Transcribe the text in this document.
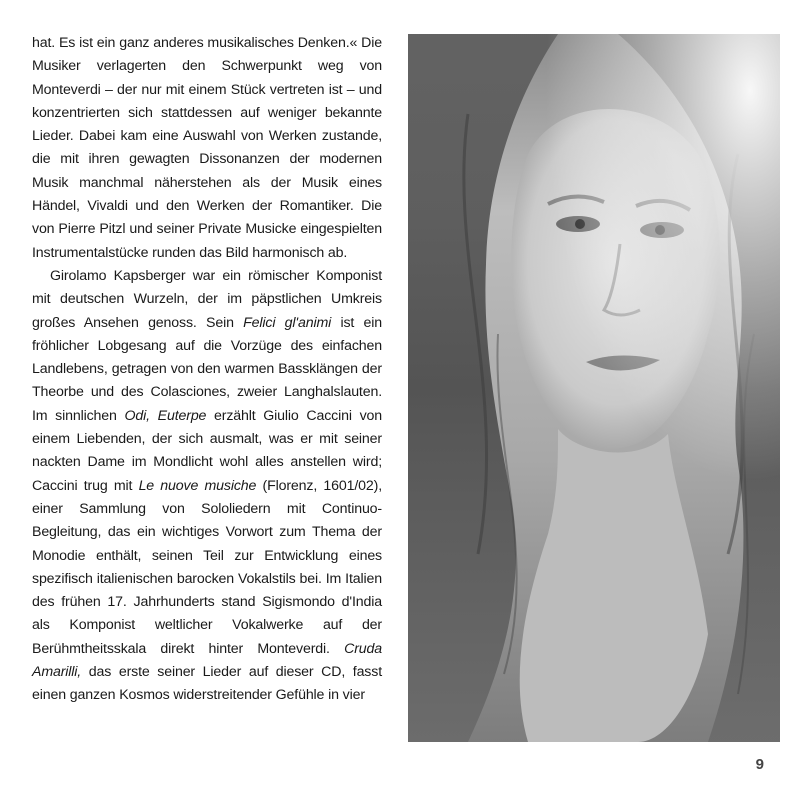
hat. Es ist ein ganz anderes musikalisches Denken.« Die Musiker verlagerten den Schwerpunkt weg von Monteverdi – der nur mit einem Stück vertreten ist – und konzentrierten sich stattdessen auf weniger bekannte Lieder. Dabei kam eine Auswahl von Werken zustande, die mit ihren gewagten Dissonanzen der modernen Musik manchmal näherstehen als der Musik eines Händel, Vivaldi und den Werken der Romantiker. Die von Pierre Pitzl und seiner Private Musicke eingespielten Instrumentalstücke runden das Bild harmonisch ab.

Girolamo Kapsberger war ein römischer Komponist mit deutschen Wurzeln, der im päpstlichen Umkreis großes Ansehen genoss. Sein Felici gl'animi ist ein fröhlicher Lobgesang auf die Vorzüge des einfachen Landlebens, getragen von den warmen Bassklängen der Theorbe und des Colasciones, zweier Langhalslauten. Im sinnlichen Odi, Euterpe erzählt Giulio Caccini von einem Liebenden, der sich ausmalt, was er mit seiner nackten Dame im Mondlicht wohl alles anstellen wird; Caccini trug mit Le nuove musiche (Florenz, 1601/02), einer Sammlung von Sololiedern mit Continuo-Begleitung, das ein wichtiges Vorwort zum Thema der Monodie enthält, seinen Teil zur Entwicklung eines spezifisch italienischen barocken Vokalstils bei. Im Italien des frühen 17. Jahrhunderts stand Sigismondo d'India als Komponist weltlicher Vokalwerke auf der Berühmtheitsskala direkt hinter Monteverdi. Cruda Amarilli, das erste seiner Lieder auf dieser CD, fasst einen ganzen Kosmos widerstreitender Gefühle in vier

9
